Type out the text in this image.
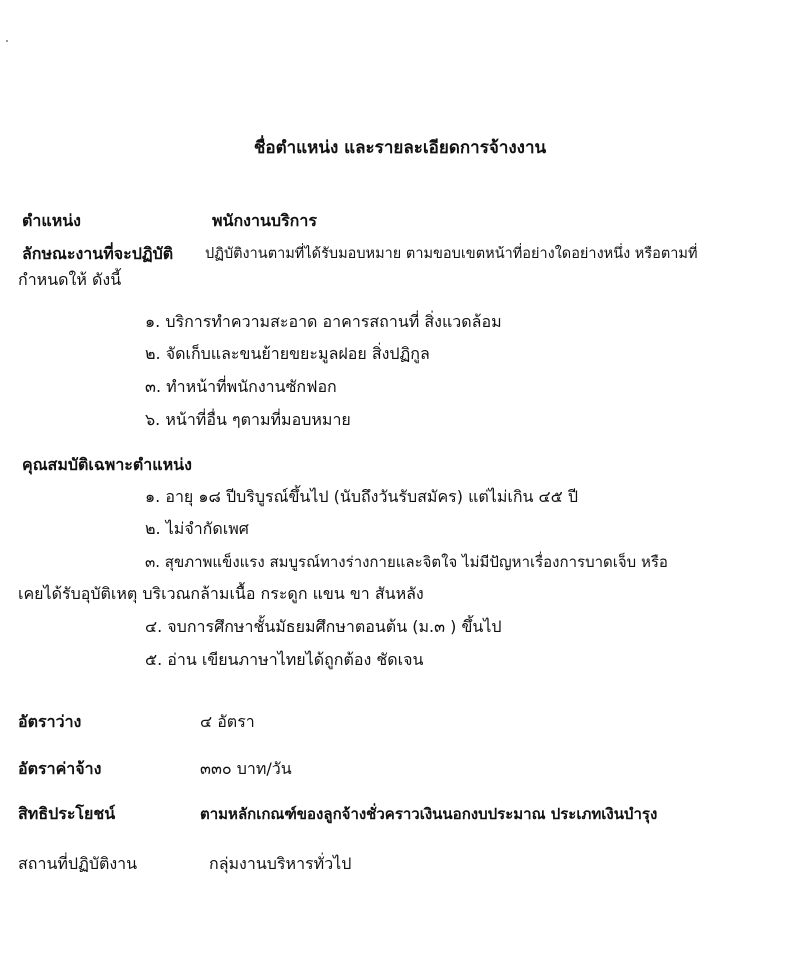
ชื่อตำแหน่ง และรายละเอียดการจ้างงาน
ตำแหน่ง	พนักงานบริการ
ลักษณะงานที่จะปฏิบัติ ปฏิบัติงานตามที่ได้รับมอบหมาย ตามขอบเขตหน้าที่อย่างใดอย่างหนึ่ง หรือตามที่
กำหนดให้ ดังนี้
๑. บริการทำความสะอาด อาคารสถานที่ สิ่งแวดล้อม
๒. จัดเก็บและขนย้ายขยะมูลฝอย สิ่งปฏิกูล
๓. ทำหน้าที่พนักงานซักฟอก
๖. หน้าที่อื่น ๆตามที่มอบหมาย
คุณสมบัติเฉพาะตำแหน่ง
๑. อายุ ๑๘ ปีบริบูรณ์ขึ้นไป (นับถึงวันรับสมัคร) แต่ไม่เกิน ๔๕ ปี
๒. ไม่จำกัดเพศ
๓. สุขภาพแข็งแรง สมบูรณ์ทางร่างกายและจิตใจ ไม่มีปัญหาเรื่องการบาดเจ็บ หรือ
เคยได้รับอุบัติเหตุ บริเวณกล้ามเนื้อ กระดูก แขน ขา สันหลัง
๔. จบการศึกษาชั้นมัธยมศึกษาตอนต้น (ม.๓ ) ขึ้นไป
๕. อ่าน เขียนภาษาไทยได้ถูกต้อง ชัดเจน
อัตราว่าง	๔ อัตรา
อัตราค่าจ้าง	๓๓๐ บาท/วัน
สิทธิประโยชน์	ตามหลักเกณฑ์ของลูกจ้างชั่วคราวเงินนอกงบประมาณ ประเภทเงินบำรุง
สถานที่ปฏิบัติงาน	กลุ่มงานบริหารทั่วไป
